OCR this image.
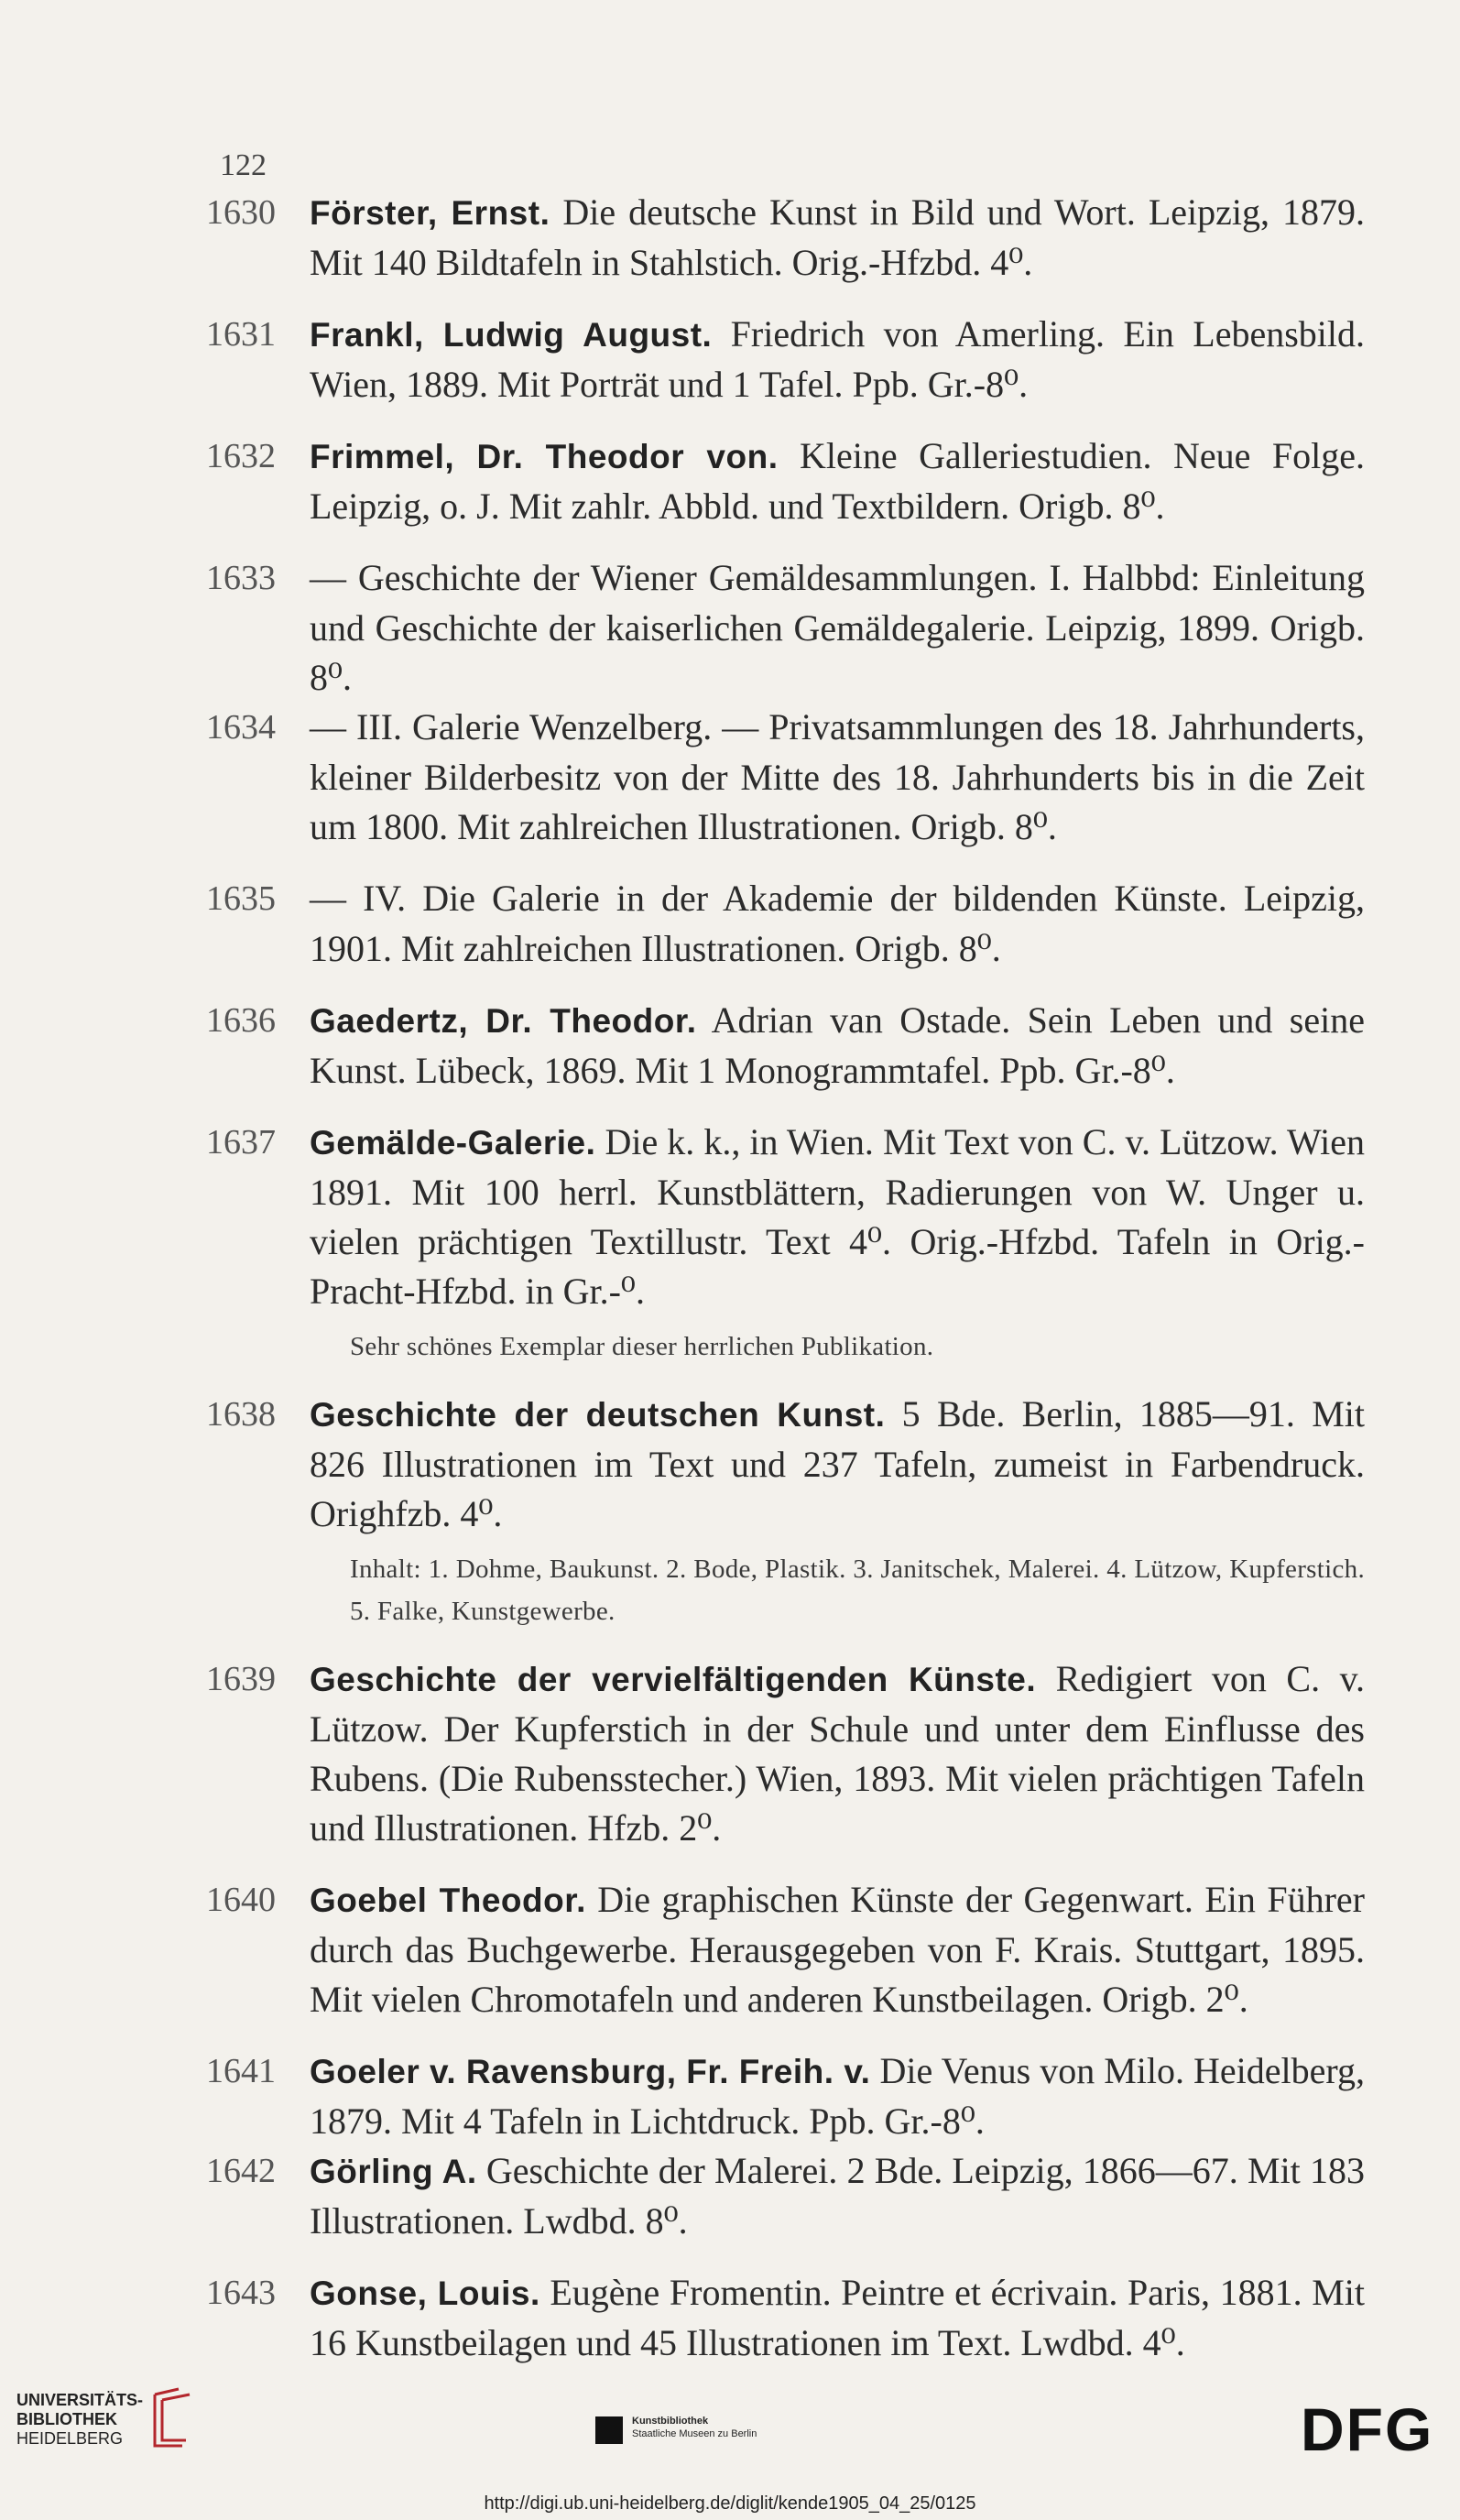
122
1630 Förster, Ernst. Die deutsche Kunst in Bild und Wort. Leipzig, 1879. Mit 140 Bildtafeln in Stahlstich. Orig.-Hfzbd. 4⁰.
1631 Frankl, Ludwig August. Friedrich von Amerling. Ein Lebensbild. Wien, 1889. Mit Porträt und 1 Tafel. Ppb. Gr.-8⁰.
1632 Frimmel, Dr. Theodor von. Kleine Galleriestudien. Neue Folge. Leipzig, o. J. Mit zahlr. Abbld. und Textbildern. Origb. 8⁰.
1633 — Geschichte der Wiener Gemäldesammlungen. I. Halbbd: Einleitung und Geschichte der kaiserlichen Gemäldegalerie. Leipzig, 1899. Origb. 8⁰.
1634 — III. Galerie Wenzelberg. — Privatsammlungen des 18. Jahrhunderts, kleiner Bilderbesitz von der Mitte des 18. Jahrhunderts bis in die Zeit um 1800. Mit zahlreichen Illustrationen. Origb. 8⁰.
1635 — IV. Die Galerie in der Akademie der bildenden Künste. Leipzig, 1901. Mit zahlreichen Illustrationen. Origb. 8⁰.
1636 Gaedertz, Dr. Theodor. Adrian van Ostade. Sein Leben und seine Kunst. Lübeck, 1869. Mit 1 Monogrammtafel. Ppb. Gr.-8⁰.
1637 Gemälde-Galerie. Die k. k., in Wien. Mit Text von C. v. Lützow. Wien 1891. Mit 100 herrl. Kunstblättern, Radierungen von W. Unger u. vielen prächtigen Textillustr. Text 4⁰. Orig.-Hfzbd. Tafeln in Orig.-Pracht-Hfzbd. in Gr.-⁰.
Sehr schönes Exemplar dieser herrlichen Publikation.
1638 Geschichte der deutschen Kunst. 5 Bde. Berlin, 1885—91. Mit 826 Illustrationen im Text und 237 Tafeln, zumeist in Farbendruck. Orighfzb. 4⁰.
Inhalt: 1. Dohme, Baukunst. 2. Bode, Plastik. 3. Janitschek, Malerei. 4. Lützow, Kupferstich. 5. Falke, Kunstgewerbe.
1639 Geschichte der vervielfältigenden Künste. Redigiert von C. v. Lützow. Der Kupferstich in der Schule und unter dem Einflusse des Rubens. (Die Rubensstecher.) Wien, 1893. Mit vielen prächtigen Tafeln und Illustrationen. Hfzb. 2⁰.
1640 Goebel Theodor. Die graphischen Künste der Gegenwart. Ein Führer durch das Buchgewerbe. Herausgegeben von F. Krais. Stuttgart, 1895. Mit vielen Chromotafeln und anderen Kunstbeilagen. Origb. 2⁰.
1641 Goeler v. Ravensburg, Fr. Freih. v. Die Venus von Milo. Heidelberg, 1879. Mit 4 Tafeln in Lichtdruck. Ppb. Gr.-8⁰.
1642 Görling A. Geschichte der Malerei. 2 Bde. Leipzig, 1866—67. Mit 183 Illustrationen. Lwdbd. 8⁰.
1643 Gonse, Louis. Eugène Fromentin. Peintre et écrivain. Paris, 1881. Mit 16 Kunstbeilagen und 45 Illustrationen im Text. Lwdbd. 4⁰.
UNIVERSITÄTS-
BIBLIOTHEK
HEIDELBERG
Kunstbibliothek
Staatliche Museen zu Berlin	DFG
http://digi.ub.uni-heidelberg.de/diglit/kende1905_04_25/0125
